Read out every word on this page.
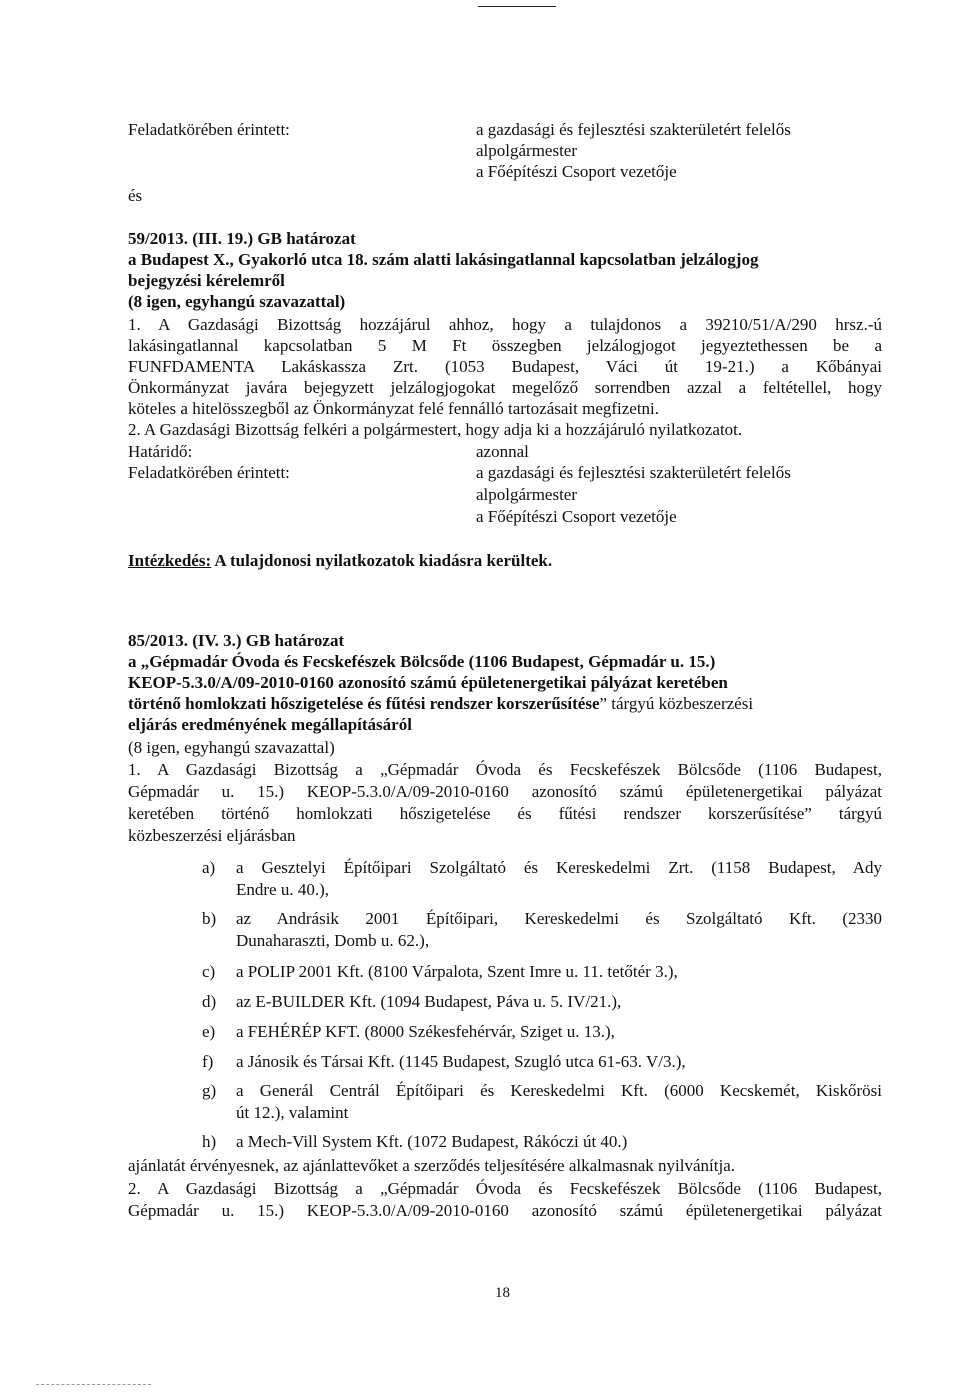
Feladatkörében érintett:	a gazdasági és fejlesztési szakterületért felelős
alpolgármester
a Főépítészi Csoport vezetője
és
59/2013. (III. 19.) GB határozat
a Budapest X., Gyakorló utca 18. szám alatti lakásingatlannal kapcsolatban jelzálogjog
bejegyzési kérelemről
(8 igen, egyhangú szavazattal)
1. A Gazdasági Bizottság hozzájárul ahhoz, hogy a tulajdonos a 39210/51/A/290 hrsz.-ú
lakásingatlannal kapcsolatban 5 M Ft összegben jelzálogjogot jegyeztethessen be a
FUNFDAMENTA Lakáskassza Zrt. (1053 Budapest, Váci út 19-21.) a Kőbányai
Önkormányzat javára bejegyzett jelzálogjogokat megelőző sorrendben azzal a feltétellel, hogy
köteles a hitelösszegből az Önkormányzat felé fennálló tartozásait megfizetni.
2. A Gazdasági Bizottság felkéri a polgármestert, hogy adja ki a hozzájáruló nyilatkozatot.
Határidő:	azonnal
Feladatkörében érintett:	a gazdasági és fejlesztési szakterületért felelős
alpolgármester
a Főépítészi Csoport vezetője
Intézkedés: A tulajdonosi nyilatkozatok kiadásra kerültek.
85/2013. (IV. 3.) GB határozat
a „Gépmadár Óvoda és Fecskefészek Bölcsőde (1106 Budapest, Gépmadár u. 15.)
KEOP-5.3.0/A/09-2010-0160 azonosító számú épületenergetikai pályázat keretében
történő homlokzati hőszigetelése és fűtési rendszer korszerűsítése” tárgyú közbeszerzési
eljárás eredményének megállapításáról
(8 igen, egyhangú szavazattal)
1. A Gazdasági Bizottság a „Gépmadár Óvoda és Fecskefészek Bölcsőde (1106 Budapest,
Gépmadár u. 15.) KEOP-5.3.0/A/09-2010-0160 azonosító számú épületenergetikai pályázat
keretében történő homlokzati hőszigetelése és fűtési rendszer korszerűsítése” tárgyú
közbeszerzési eljárásban
a) a Gesztelyi Építőipari Szolgáltató és Kereskedelmi Zrt. (1158 Budapest, Ady
Endre u. 40.),
b) az Andrásik 2001 Építőipari, Kereskedelmi és Szolgáltató Kft. (2330
Dunaharaszti, Domb u. 62.),
c) a POLIP 2001 Kft. (8100 Várpalota, Szent Imre u. 11. tetőtér 3.),
d) az E-BUILDER Kft. (1094 Budapest, Páva u. 5. IV/21.),
e) a FEHÉRÉP KFT. (8000 Székesfehérvár, Sziget u. 13.),
f) a Jánosik és Társai Kft. (1145 Budapest, Szugló utca 61-63. V/3.),
g) a Generál Centrál Építőipari és Kereskedelmi Kft. (6000 Kecskemét, Kiskőrösi
út 12.), valamint
h) a Mech-Vill System Kft. (1072 Budapest, Rákóczi út 40.)
ajánlatát érvényesnek, az ajánlattevőket a szerződés teljesítésére alkalmasnak nyilvánítja.
2. A Gazdasági Bizottság a „Gépmadár Óvoda és Fecskefészek Bölcsőde (1106 Budapest,
Gépmadár u. 15.) KEOP-5.3.0/A/09-2010-0160 azonosító számú épületenergetikai pályázat
18
